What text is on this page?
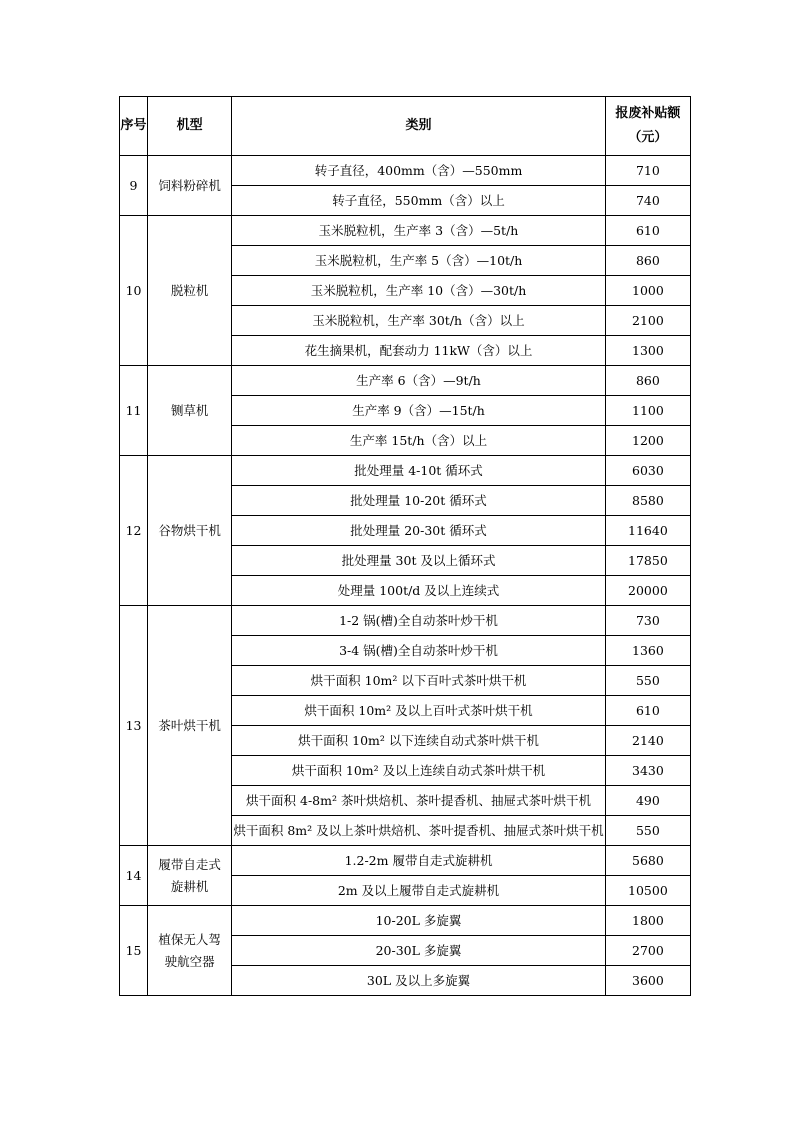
序号	机型	类别	报废补贴额（元）
9	饲料粉碎机	转子直径，400mm（含）—550mm	710
		转子直径，550mm（含）以上	740
10	脱粒机	玉米脱粒机，生产率 3（含）—5t/h	610
		玉米脱粒机，生产率 5（含）—10t/h	860
		玉米脱粒机，生产率 10（含）—30t/h	1000
		玉米脱粒机，生产率 30t/h（含）以上	2100
		花生摘果机，配套动力 11kW（含）以上	1300
11	铡草机	生产率 6（含）—9t/h	860
		生产率 9（含）—15t/h	1100
		生产率 15t/h（含）以上	1200
12	谷物烘干机	批处理量 4-10t 循环式	6030
		批处理量 10-20t 循环式	8580
		批处理量 20-30t 循环式	11640
		批处理量 30t 及以上循环式	17850
		处理量 100t/d 及以上连续式	20000
13	茶叶烘干机	1-2 锅(槽)全自动茶叶炒干机	730
		3-4 锅(槽)全自动茶叶炒干机	1360
		烘干面积 10m² 以下百叶式茶叶烘干机	550
		烘干面积 10m² 及以上百叶式茶叶烘干机	610
		烘干面积 10m² 以下连续自动式茶叶烘干机	2140
		烘干面积 10m² 及以上连续自动式茶叶烘干机	3430
		烘干面积 4-8m² 茶叶烘焙机、茶叶提香机、抽屉式茶叶烘干机	490
		烘干面积 8m² 及以上茶叶烘焙机、茶叶提香机、抽屉式茶叶烘干机	550
14	履带自走式旋耕机	1.2-2m 履带自走式旋耕机	5680
		2m 及以上履带自走式旋耕机	10500
15	植保无人驾驶航空器	10-20L 多旋翼	1800
		20-30L 多旋翼	2700
		30L 及以上多旋翼	3600
